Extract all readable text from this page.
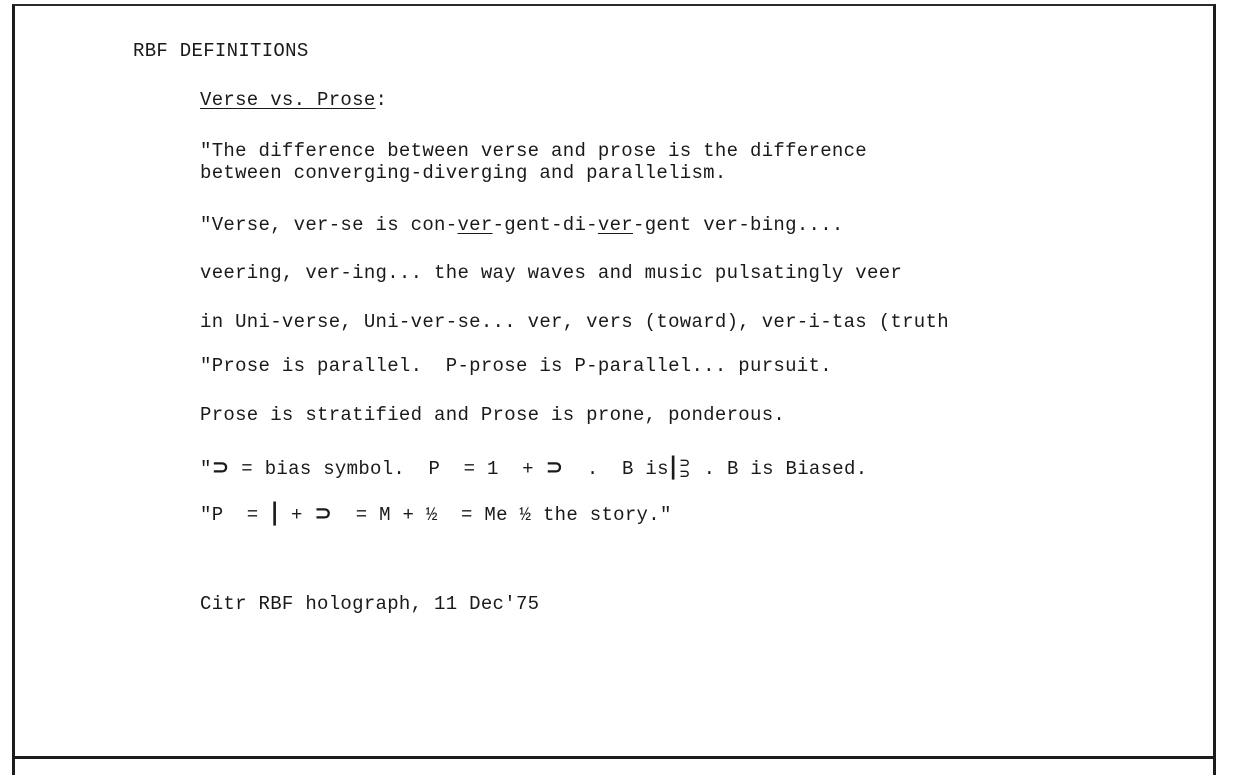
RBF DEFINITIONS
Verse vs. Prose:
"The difference between verse and prose is the difference
between converging-diverging and parallelism.
"Verse, ver-se is con-ver-gent-di-ver-gent ver-bing....
veering, ver-ing... the way waves and music pulsatingly veer
in Uni-verse, Uni-ver-se... ver, vers (toward), ver-i-tas (truth
"Prose is parallel.  P-prose is P-parallel... pursuit.
Prose is stratified and Prose is prone, ponderous.
"⊃ = bias symbol.  P  = 1  + ⊃  .  B is|⊃
⊃ . B is Biased.
"P  = | + ⊃  = M + ½  = Me ½ the story."
Citr RBF holograph, 11 Dec'75
